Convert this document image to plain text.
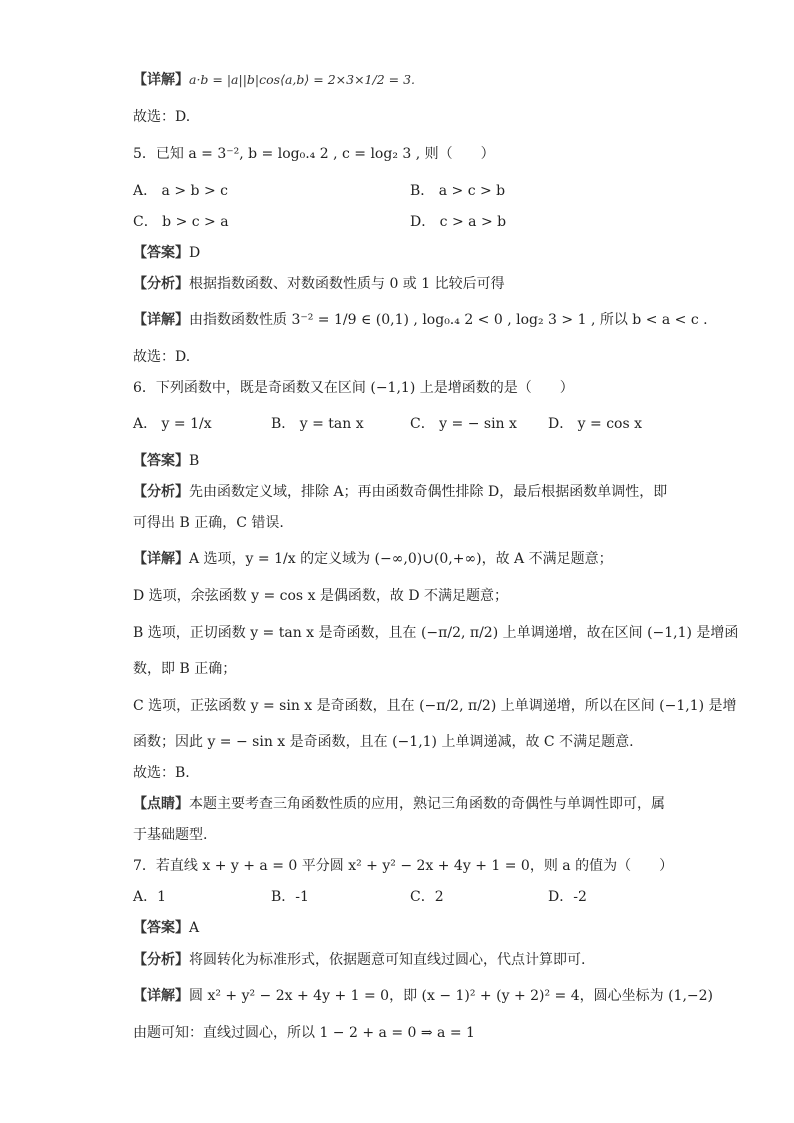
【详解】a·b = |a||b|cos⟨a,b⟩ = 2×3×1/2 = 3.
故选：D.
5．已知 a = 3⁻², b = log₀.₄ 2 , c = log₂ 3 , 则（　　）
A． a > b > c	B． a > c > b
C． b > c > a	D． c > a > b
【答案】D
【分析】根据指数函数、对数函数性质与 0 或 1 比较后可得
【详解】由指数函数性质 3⁻² = 1/9 ∈ (0,1) , log₀.₄ 2 < 0 , log₂ 3 > 1 , 所以 b < a < c .
故选：D.
6．下列函数中，既是奇函数又在区间 (−1,1) 上是增函数的是（　　）
A． y = 1/x	B． y = tan x	C． y = − sin x D． y = cos x
【答案】B
【分析】先由函数定义域，排除 A；再由函数奇偶性排除 D，最后根据函数单调性，即
可得出 B 正确，C 错误.
【详解】A 选项，y = 1/x 的定义域为 (−∞,0)∪(0,+∞)，故 A 不满足题意；
D 选项，余弦函数 y = cos x 是偶函数，故 D 不满足题意；
B 选项，正切函数 y = tan x 是奇函数，且在 (−π/2, π/2) 上单调递增，故在区间 (−1,1) 是增函
数，即 B 正确；
C 选项，正弦函数 y = sin x 是奇函数，且在 (−π/2, π/2) 上单调递增，所以在区间 (−1,1) 是增
函数；因此 y = − sin x 是奇函数，且在 (−1,1) 上单调递减，故 C 不满足题意.
故选：B.
【点睛】本题主要考查三角函数性质的应用，熟记三角函数的奇偶性与单调性即可，属
于基础题型.
7．若直线 x + y + a = 0 平分圆 x² + y² − 2x + 4y + 1 = 0，则 a 的值为（　　）
A．1	B．-1	C．2	D．-2
【答案】A
【分析】将圆转化为标准形式，依据题意可知直线过圆心，代点计算即可.
【详解】圆 x² + y² − 2x + 4y + 1 = 0，即 (x − 1)² + (y + 2)² = 4，圆心坐标为 (1,−2)
由题可知：直线过圆心，所以 1 − 2 + a = 0 ⇒ a = 1
